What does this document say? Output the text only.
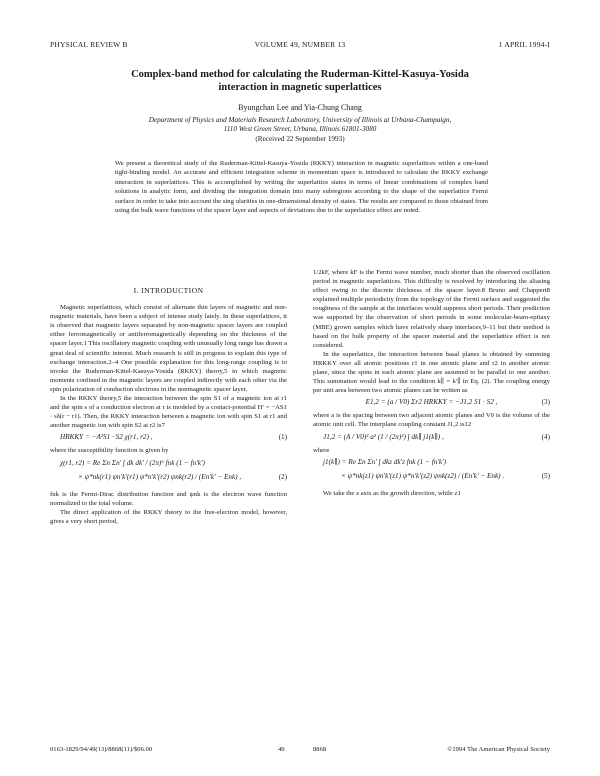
PHYSICAL REVIEW B	VOLUME 49, NUMBER 13	1 APRIL 1994-I
Complex-band method for calculating the Ruderman-Kittel-Kasuya-Yosida
interaction in magnetic superlattices
Byungchan Lee and Yia-Chung Chang
Department of Physics and Materials Research Laboratory, University of Illinois at Urbana-Champaign,
1110 West Green Street, Urbana, Illinois 61801-3080
(Received 22 September 1993)
We present a theoretical study of the Ruderman-Kittel-Kasuya-Yosida (RKKY) interaction in magnetic superlattices within a one-band tight-binding model. An accurate and efficient integration scheme in momentum space is introduced to calculate the RKKY exchange interaction in superlattices. This is accomplished by writing the superlattice states in terms of linear combinations of complex band solutions in analytic form, and dividing the integration domain into many subregions according to the shape of the superlattice Fermi surface in order to take into account the sing ularities in one-dimensional density of states. The results are compared to those obtained from using the bulk wave functions of the spacer layer and aspects of deviations due to the superlattice effect are noted.
I. INTRODUCTION

Magnetic superlattices, which consist of alternate thin layers of magnetic and non-magnetic materials, have been a subject of intense study lately. In these superlattices, it is observed that magnetic layers separated by non-magnetic spacer layers are coupled either ferromagnetically or antiferromagnetically depending on the thickness of the spacer layer.1 This oscillatory magnetic coupling with unusually long range has drawn a great deal of scientific interest. Much research is still in progress to explain this type of exchange interaction.2–4 One possible explanation for this long-range coupling is to invoke the Ruderman-Kittel-Kasuya-Yosida (RKKY) theory,5 in which magnetic moments confined in the magnetic layers are coupled indirectly with each other via the spin polarization of conduction electrons in the nonmagnetic spacer layer.

In the RKKY theory,5 the interaction between the spin S1 of a magnetic ion at r1 and the spin s of a conduction electron at r is modeled by a contact-potential H′ = −AS1 · sδ(r − r1). Then, the RKKY interaction between a magnetic ion with spin S1 at r1 and another magnetic ion with spin S2 at r2 is7

HRKKY = −A²S1 · S2 χ(r1, r2) ,	(1)

where the susceptibility function is given by

χ(r1, r2) = Re Σn Σn′ ∫ dk dk′ / (2π)⁶ fnk (1 − fn′k′)
× ψ*nk(r1) ψn′k′(r1) ψ*n′k′(r2) ψnk(r2) / (En′k′ − Enk) ,	(2)

fnk is the Fermi-Dirac distribution function and ψnk is the electron wave function normalized to the total volume.

The direct application of the RKKY theory to the free-electron model, however, gives a very short period,

1/2kF, where kF is the Fermi wave number, much shorter than the observed oscillation period in magnetic superlattices. This difficulty is resolved by introducing the aliasing effect owing to the discrete thickness of the spacer layer.8 Bruno and Chappert8 explained multiple periodicity from the topology of the Fermi surface and suggested the roughness of the sample at the interfaces would suppress short periods. Their prediction was supported by the observation of short periods in some molecular-beam-epitaxy (MBE) grown samples which have relatively sharp interfaces,9–11 but their method is based on the bulk property of the spacer material and the superlattice effect is not considered.

In the superlattice, the interaction between basal planes is obtained by summing HRKKY over all atomic positions r1 in one atomic plane and r2 in another atomic plane, since the spins in each atomic plane are assumed to be parallel to one another. This summation would lead to the condition k∥ = k′∥ in Eq. (2). The coupling energy per unit area between two atomic planes can be written as

E1,2 = (a / V0) Σr2 HRKKY = −J1,2 S1 · S2 ,	(3)

where a is the spacing between two adjacent atomic planes and V0 is the volume of the atomic unit cell. The interplane coupling constant J1,2 is12

J1,2 = (A / V0)² a² (1 / (2π)²) ∫ dk∥ j1(k∥) ,	(4)

where

j1(k∥) = Re Σn Σn′ ∫ dkz dk′z fnk (1 − fn′k′)
× ψ*nk(z1) ψn′k′(z1) ψ*n′k′(z2) ψnk(z2) / (En′k′ − Enk) .	(5)

We take the z axis as the growth direction, while z1

0163-1829/94/49(13)/8868(11)/$06.00	49	8868	©1994 The American Physical Society
